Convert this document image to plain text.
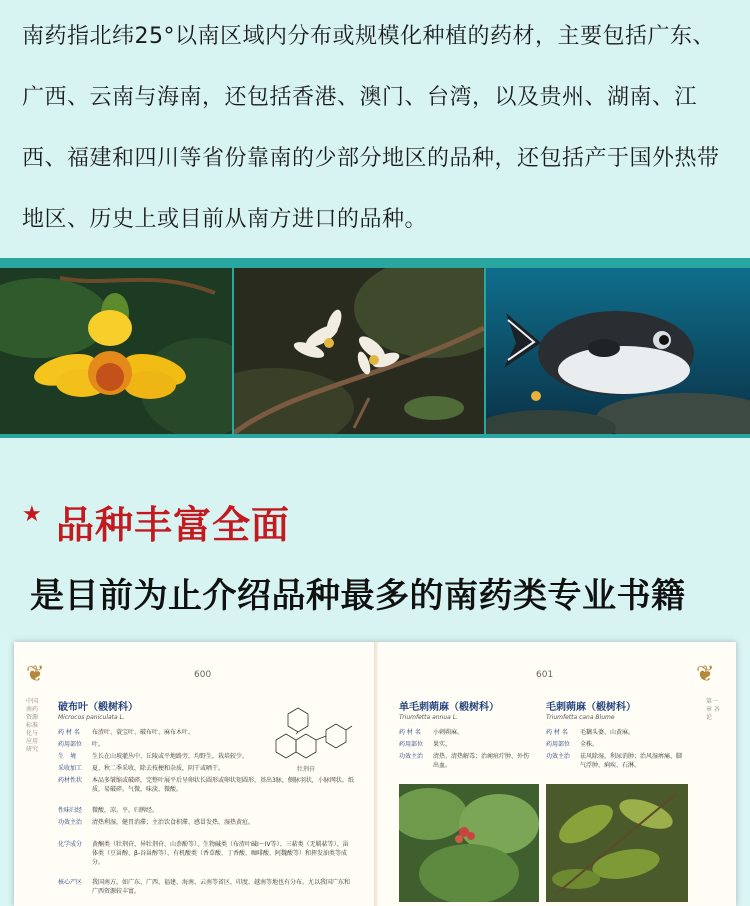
南药指北纬25°以南区域内分布或规模化种植的药材，主要包括广东、广西、云南与海南，还包括香港、澳门、台湾，以及贵州、湖南、江西、福建和四川等省份靠南的少部分地区的品种，还包括产于国外热带地区、历史上或目前从南方进口的品种。

★ 品种丰富全面
是目前为止介绍品种最多的南药类专业书籍
❦	❦
600	601
中国南药资源标准化与应用研究
第一章 各论
破布叶（椴树科）
Microcos paniculata L.
药 材 名 布渣叶、蓑宝叶、破布叶、麻布木叶。
药用部位 叶。
生　境	生长在山坡灌丛中、丘陵或平地路旁，均野生，栽培较少。
采收加工 夏、秋二季采收，除去枝梗和杂质，阴干或晒干。
药材性状 本品多皱缩或破碎，完整叶展平后呈卵状长圆形或卵状矩圆形，基出3脉，侧脉羽状，小脉网状。纸质，易破碎。气微，味淡、微酸。
性味归经 微酸，凉。平。归脾经。
功效主治 清热利湿，健胃消滞；主治饮食积滞、感冒发热、湿热黄疸。
化学成分 黄酮类（牡荆苷、异牡荆苷、山柰酚等）、生物碱类（布渣叶碱I～IV等）、三萜类（无羁萜等）、甾体类（豆甾醇、β-谷甾醇等）、有机酸类（香草酸、丁香酸、咖啡酸、阿魏酸等）和挥发油类等成分。
核心产区 我国南方，如广东、广西、福建、海南、云南等省区，印度、越南等地也有分布。尤以我国广东和广西资源较丰富。
牡荆苷
单毛刺蒴麻（椴树科）
Triumfetta annua L.
药 材 名 小刺蒴麻。
药用部位 果实。
功效主治 清热、清热解毒；治痈疽疔肿、外伤出血。
毛刺蒴麻（椴树科）
Triumfetta cana Blume
药 材 名 毛黐头婆、山黄麻。
药用部位 全株。
功效主治 祛风除湿，利尿消肿；治风湿痹痛、脚气浮肿、痢疾、石淋。
